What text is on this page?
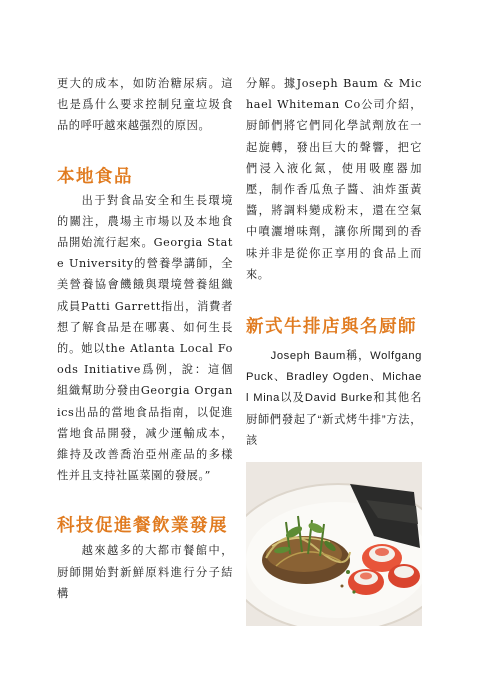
更大的成本，如防治糖尿病。這也是爲什么要求控制兒童垃圾食品的呼吁越來越强烈的原因。

本地食品

出于對食品安全和生長環境的關注，農場主市場以及本地食品開始流行起來。Georgia State University的營養學講師，全美營養協會饑餓與環境營養組織成員Patti Garrett指出，消費者想了解食品是在哪裏、如何生長的。她以the Atlanta Local Foods Initiative爲例，說：這個組織幫助分發由Georgia Organics出品的當地食品指南，以促進當地食品開發，减少運輸成本，維持及改善喬治亞州產品的多樣性并且支持社區菜園的發展。”

科技促進餐飲業發展

越來越多的大都市餐館中，厨師開始對新鮮原料進行分子結構

分解。據Joseph Baum & Michael Whiteman Co公司介紹，厨師們將它們同化學試劑放在一起旋轉，發出巨大的聲響，把它們浸入液化氮，使用吸塵器加壓，制作香瓜魚子醬、油炸蛋黃醬，將調料變成粉末，還在空氣中噴灑增味劑，讓你所聞到的香味并非是從你正享用的食品上而來。

新式牛排店與名厨師

Joseph Baum稱，Wolfgang Puck、Bradley Ogden、Michael Mina以及David Burke和其他名厨師們發起了“新式烤牛排”方法，該
